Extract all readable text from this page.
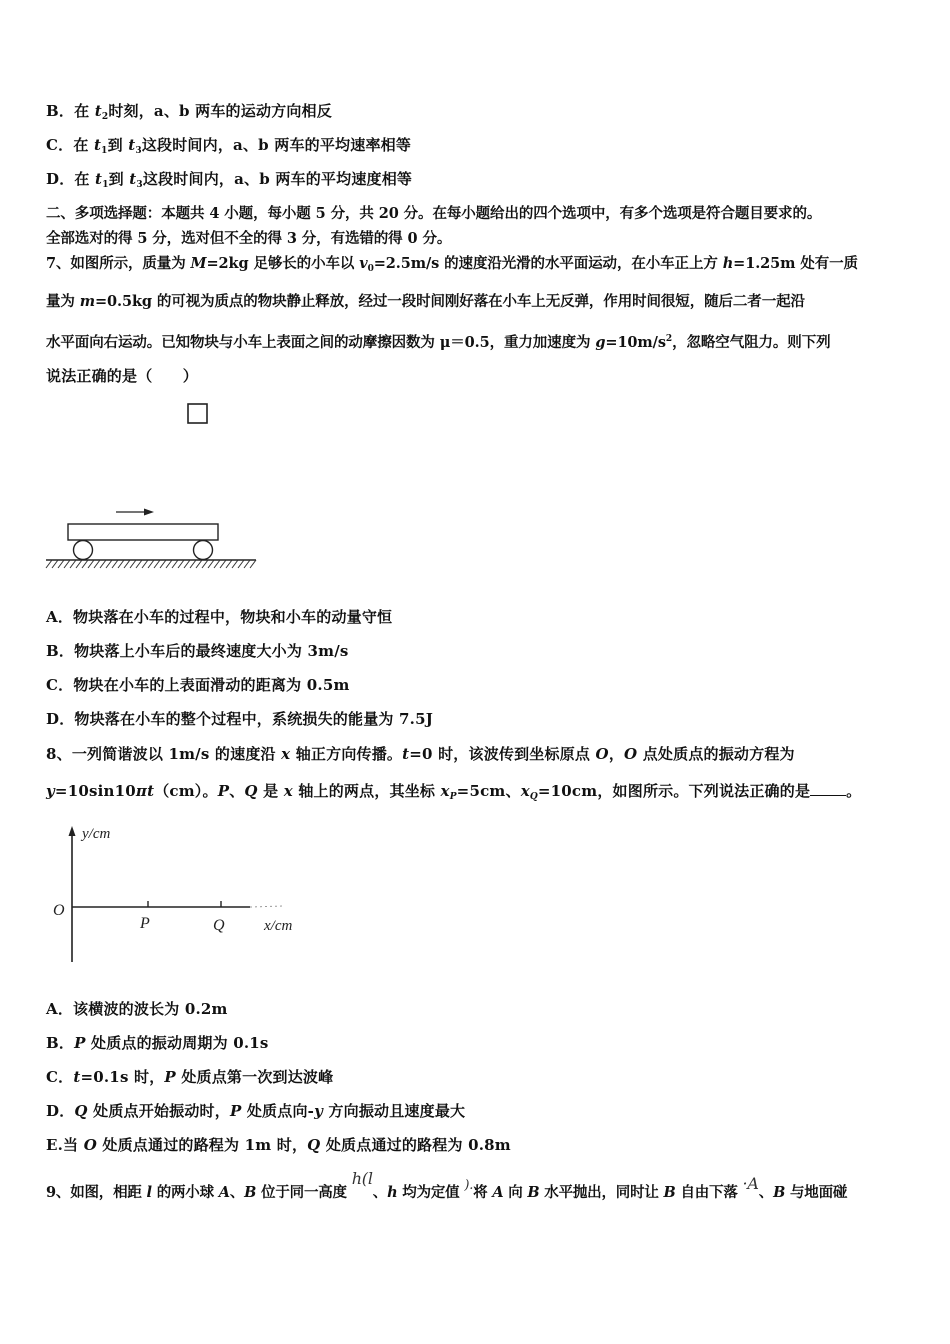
B．在 $t_2$时刻，a、b 两车的运动方向相反
C．在 $t_1$到 $t_3$这段时间内，a、b 两车的平均速率相等
D．在 $t_1$到 $t_3$这段时间内，a、b 两车的平均速度相等
二、多项选择题：本题共 4 小题，每小题 5 分，共 20 分。在每小题给出的四个选项中，有多个选项是符合题目要求的。
全部选对的得 5 分，选对但不全的得 3 分，有选错的得 0 分。
7、如图所示，质量为 M=2kg 足够长的小车以 $v_0=2.5m/s$ 的速度沿光滑的水平面运动，在小车正上方 h=1.25m 处有一质
量为 m=0.5kg 的可视为质点的物块静止释放，经过一段时间刚好落在小车上无反弹，作用时间很短，随后二者一起沿
水平面向右运动。已知物块与小车上表面之间的动摩擦因数为 μ＝0.5，重力加速度为 $g=10m/s^2$，忽略空气阻力。则下列
说法正确的是（　　）
A．物块落在小车的过程中，物块和小车的动量守恒
B．物块落上小车后的最终速度大小为 3m/s
C．物块在小车的上表面滑动的距离为 0.5m
D．物块落在小车的整个过程中，系统损失的能量为 7.5J
8、一列简谐波以 1m/s 的速度沿 x 轴正方向传播。t=0 时，该波传到坐标原点 O，O 点处质点的振动方程为
y=10sin10πt（cm）。P、Q 是 x 轴上的两点，其坐标 $x_P=5cm$、$x_Q=10cm$，如图所示。下列说法正确的是 。
y/cm
O
P	Q	x/cm
A．该横波的波长为 0.2m
B．P 处质点的振动周期为 0.1s
C．t=0.1s 时，P 处质点第一次到达波峰
D．Q 处质点开始振动时，P 处质点向-y 方向振动且速度最大
E.当 O 处质点通过的路程为 1m 时，Q 处质点通过的路程为 0.8m
9、如图，相距 l 的两小球 A、B 位于同一高度 h(l、h 均为定值 ).将 A 向 B 水平抛出，同时让 B 自由下落 ·A、B 与地面碰
